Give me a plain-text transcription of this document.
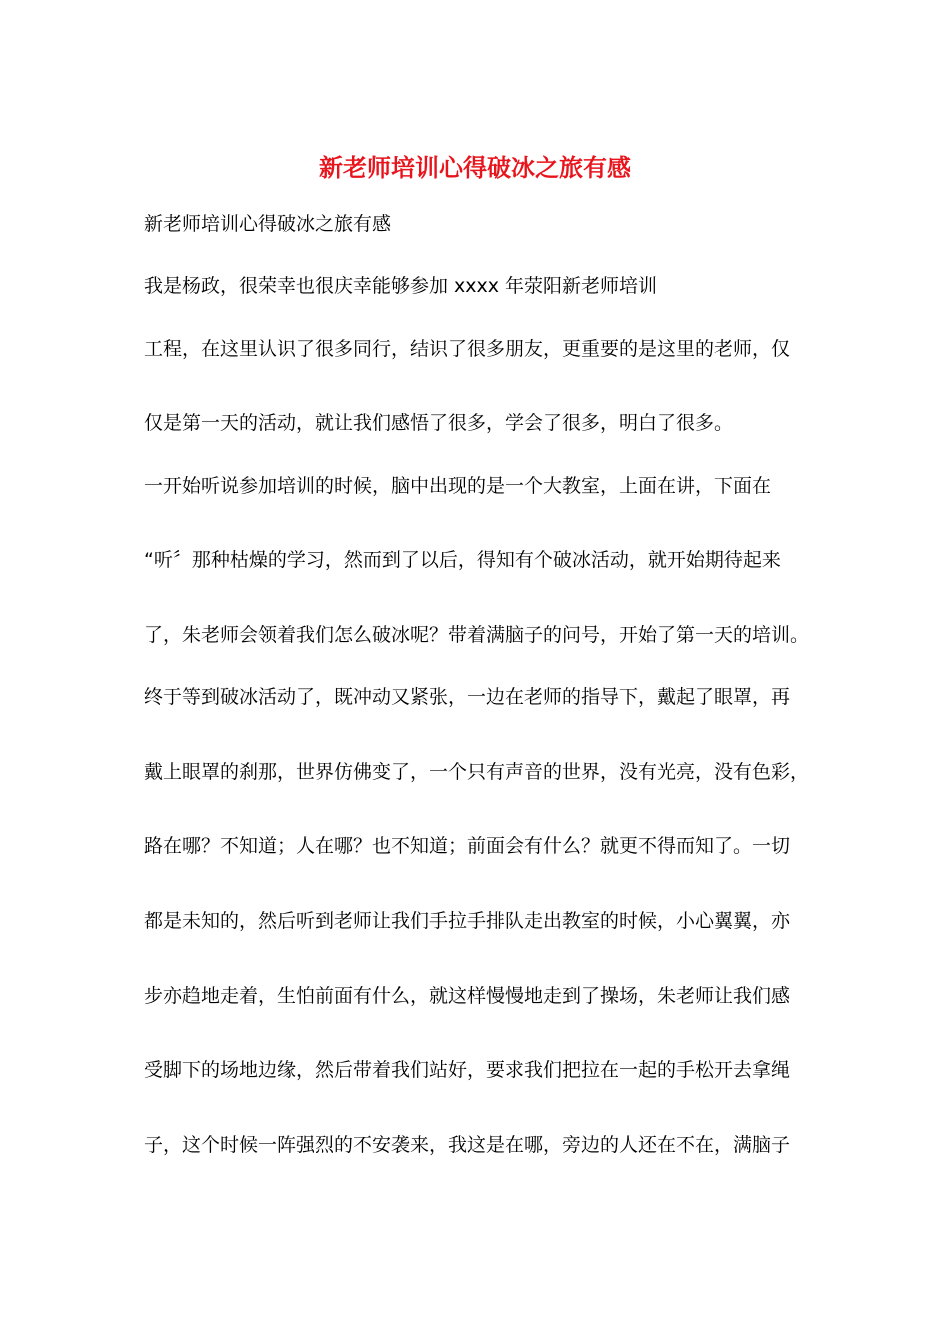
新老师培训心得破冰之旅有感
新老师培训心得破冰之旅有感
我是杨政，很荣幸也很庆幸能够参加 xxxx 年荥阳新老师培训
工程，在这里认识了很多同行，结识了很多朋友，更重要的是这里的老师，仅
仅是第一天的活动，就让我们感悟了很多，学会了很多，明白了很多。
一开始听说参加培训的时候，脑中出现的是一个大教室，上面在讲，下面在
“听〞那种枯燥的学习，然而到了以后，得知有个破冰活动，就开始期待起来
了，朱老师会领着我们怎么破冰呢？带着满脑子的问号，开始了第一天的培训。
终于等到破冰活动了，既冲动又紧张，一边在老师的指导下，戴起了眼罩，再
戴上眼罩的刹那，世界仿佛变了，一个只有声音的世界，没有光亮，没有色彩，
路在哪？不知道；人在哪？也不知道；前面会有什么？就更不得而知了。一切
都是未知的，然后听到老师让我们手拉手排队走出教室的时候，小心翼翼，亦
步亦趋地走着，生怕前面有什么，就这样慢慢地走到了操场，朱老师让我们感
受脚下的场地边缘，然后带着我们站好，要求我们把拉在一起的手松开去拿绳
子，这个时候一阵强烈的不安袭来，我这是在哪，旁边的人还在不在，满脑子
